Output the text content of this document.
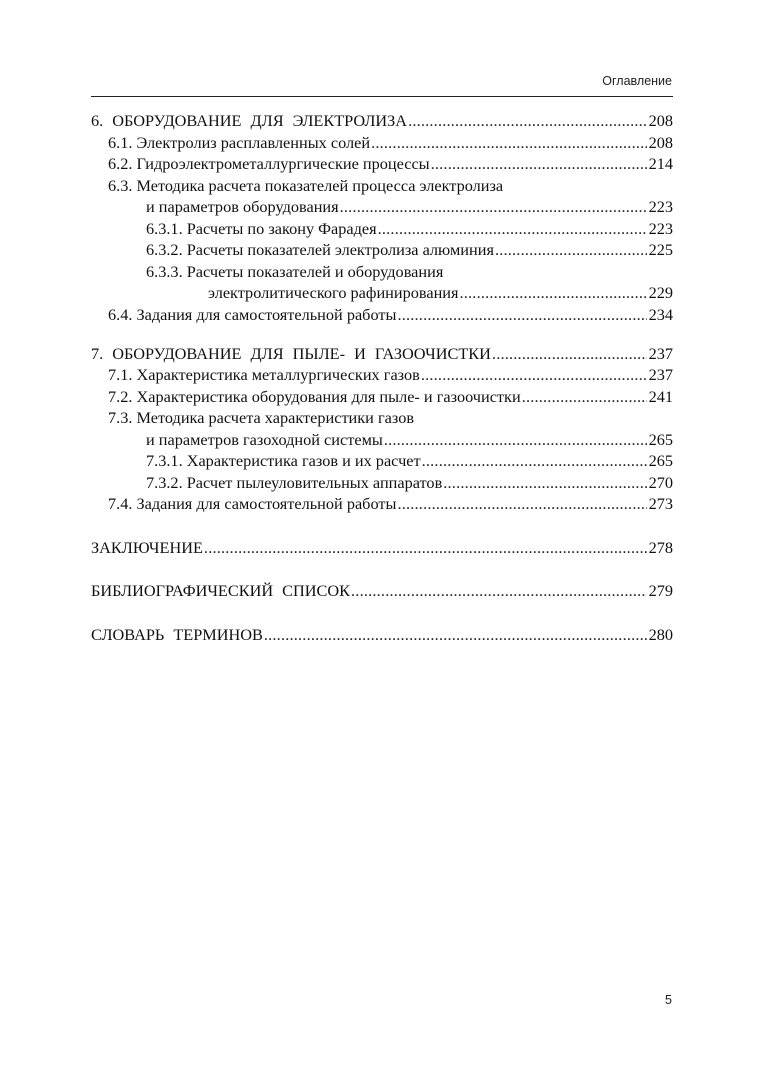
Оглавление
6. ОБОРУДОВАНИЕ ДЛЯ ЭЛЕКТРОЛИЗА .....	208
6.1. Электролиз расплавленных солей .....	208
6.2. Гидроэлектрометаллургические процессы .....	214
6.3. Методика расчета показателей процесса электролиза
и параметров оборудования .....	223
6.3.1. Расчеты по закону Фарадея .....	223
6.3.2. Расчеты показателей электролиза алюминия .....	225
6.3.3. Расчеты показателей и оборудования
электролитического рафинирования .....	229
6.4. Задания для самостоятельной работы .....	234
7. ОБОРУДОВАНИЕ ДЛЯ ПЫЛЕ- И ГАЗООЧИСТКИ .....	237
7.1. Характеристика металлургических газов .....	237
7.2. Характеристика оборудования для пыле- и газоочистки .....	241
7.3. Методика расчета характеристики газов
и параметров газоходной системы .....	265
7.3.1. Характеристика газов и их расчет .....	265
7.3.2. Расчет пылеуловительных аппаратов .....	270
7.4. Задания для самостоятельной работы .....	273
ЗАКЛЮЧЕНИЕ .....	278
БИБЛИОГРАФИЧЕСКИЙ СПИСОК .....	279
СЛОВАРЬ ТЕРМИНОВ .....	280
5
